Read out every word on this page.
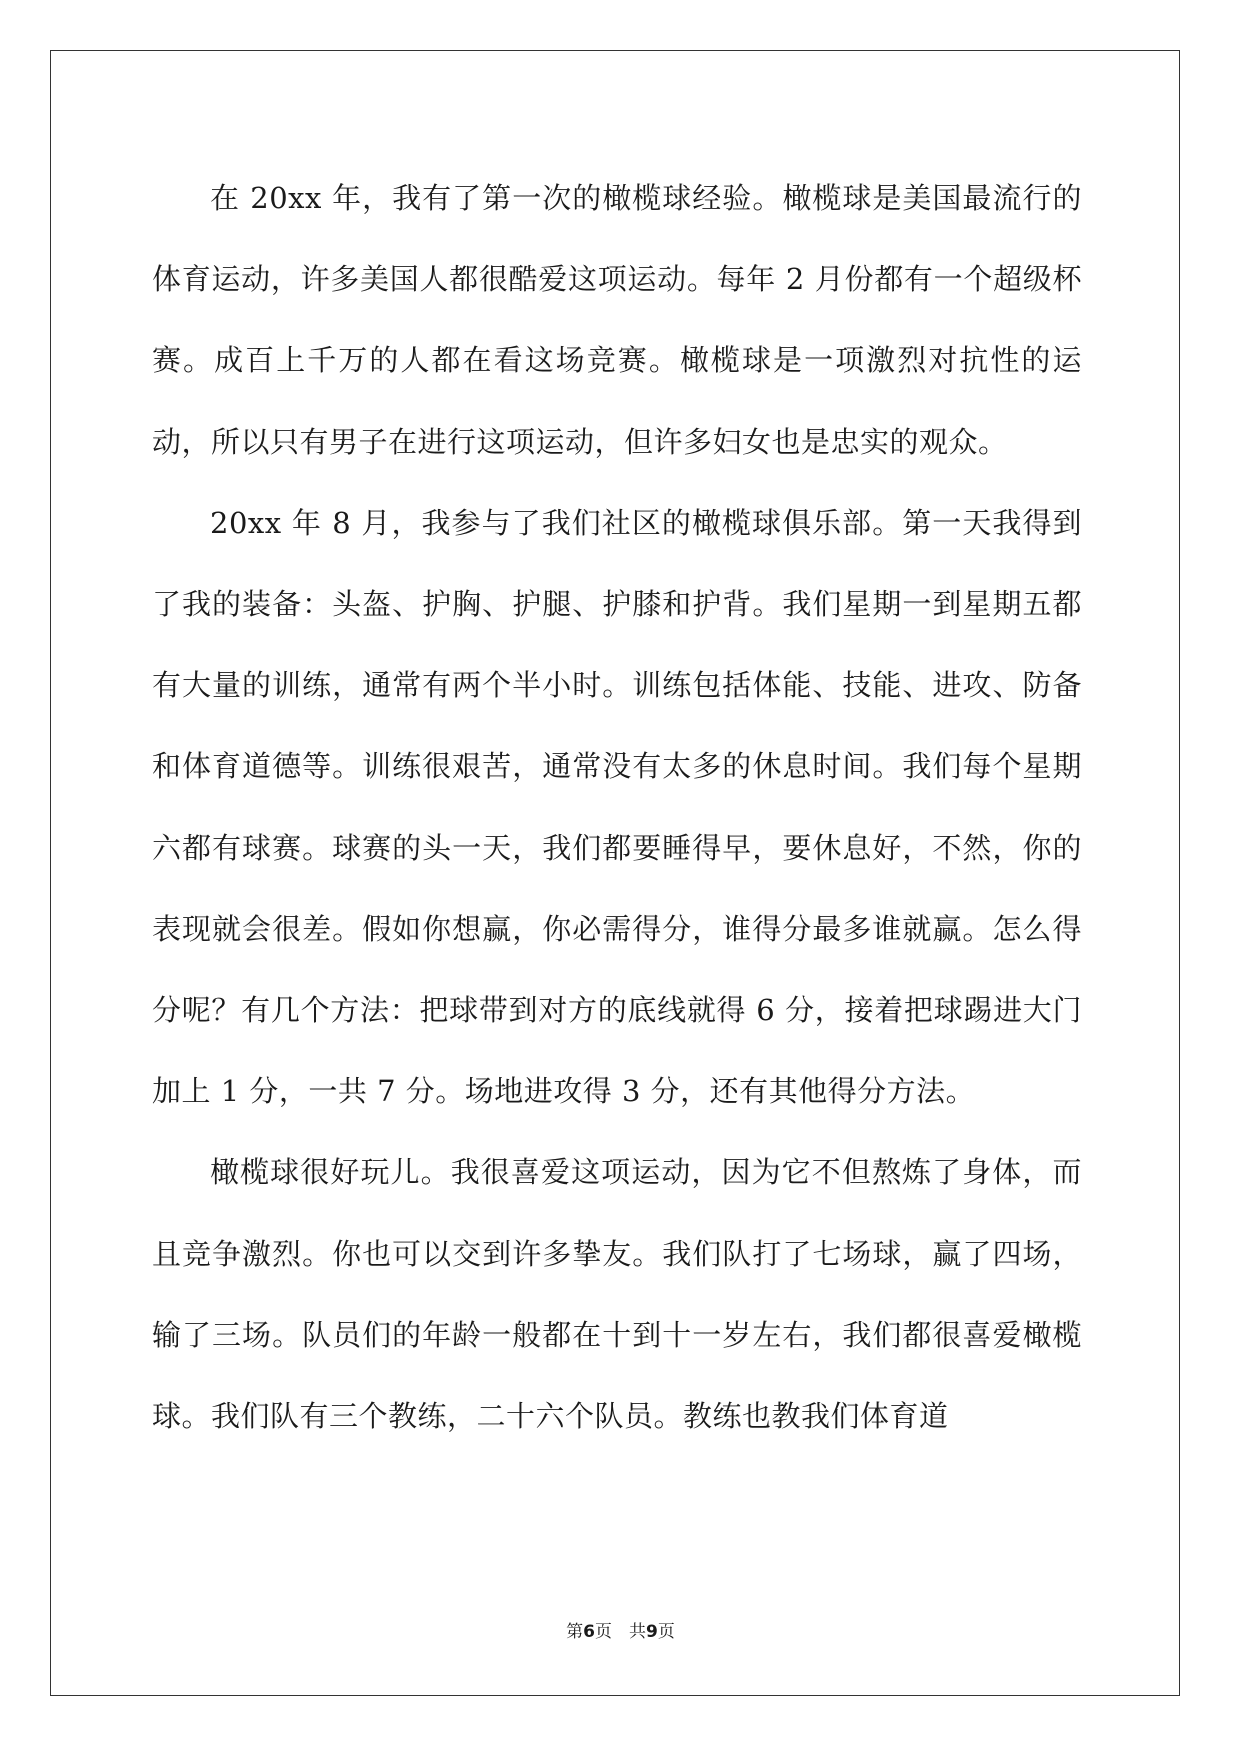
在 20xx 年，我有了第一次的橄榄球经验。橄榄球是美国最流行的体育运动，许多美国人都很酷爱这项运动。每年 2 月份都有一个超级杯赛。成百上千万的人都在看这场竞赛。橄榄球是一项激烈对抗性的运动，所以只有男子在进行这项运动，但许多妇女也是忠实的观众。

20xx 年 8 月，我参与了我们社区的橄榄球俱乐部。第一天我得到了我的装备：头盔、护胸、护腿、护膝和护背。我们星期一到星期五都有大量的训练，通常有两个半小时。训练包括体能、技能、进攻、防备和体育道德等。训练很艰苦，通常没有太多的休息时间。我们每个星期六都有球赛。球赛的头一天，我们都要睡得早，要休息好，不然，你的表现就会很差。假如你想赢，你必需得分，谁得分最多谁就赢。怎么得分呢？有几个方法：把球带到对方的底线就得 6 分，接着把球踢进大门加上 1 分，一共 7 分。场地进攻得 3 分，还有其他得分方法。

橄榄球很好玩儿。我很喜爱这项运动，因为它不但熬炼了身体，而且竞争激烈。你也可以交到许多挚友。我们队打了七场球，赢了四场，输了三场。队员们的年龄一般都在十到十一岁左右，我们都很喜爱橄榄球。我们队有三个教练，二十六个队员。教练也教我们体育道

第6页　共9页
